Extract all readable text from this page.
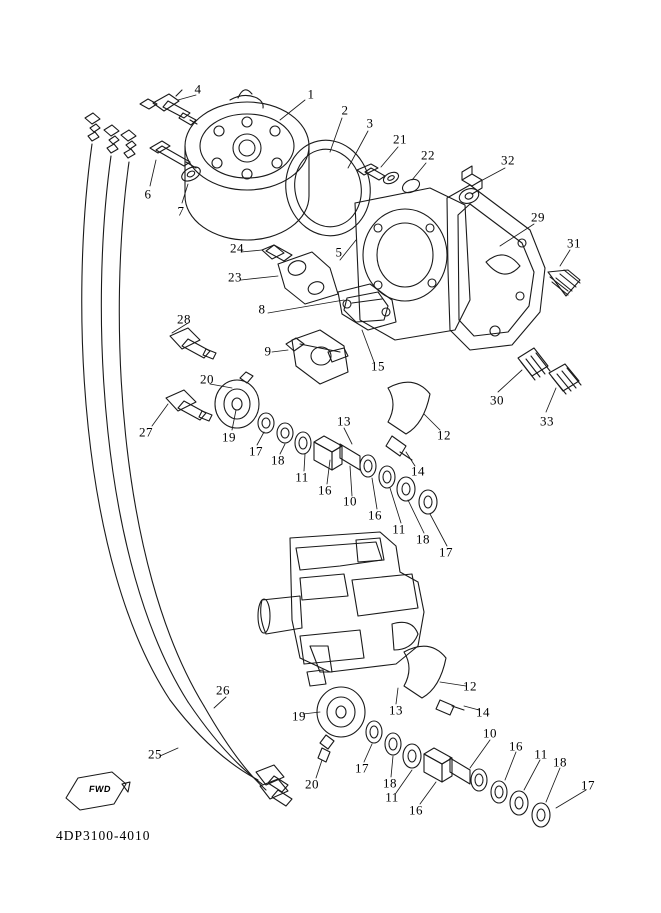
4	1
2
3
21
22	32
6
7	29
31
24	5
23
8
28
9
15
30
33
20
12
27
13
19
17
18
14
11
16
10
16
11
18
17
12
26
19	13	14
25
10
16
11
18
17
20	18
11
17
16
FWD
4DP3100-4010
